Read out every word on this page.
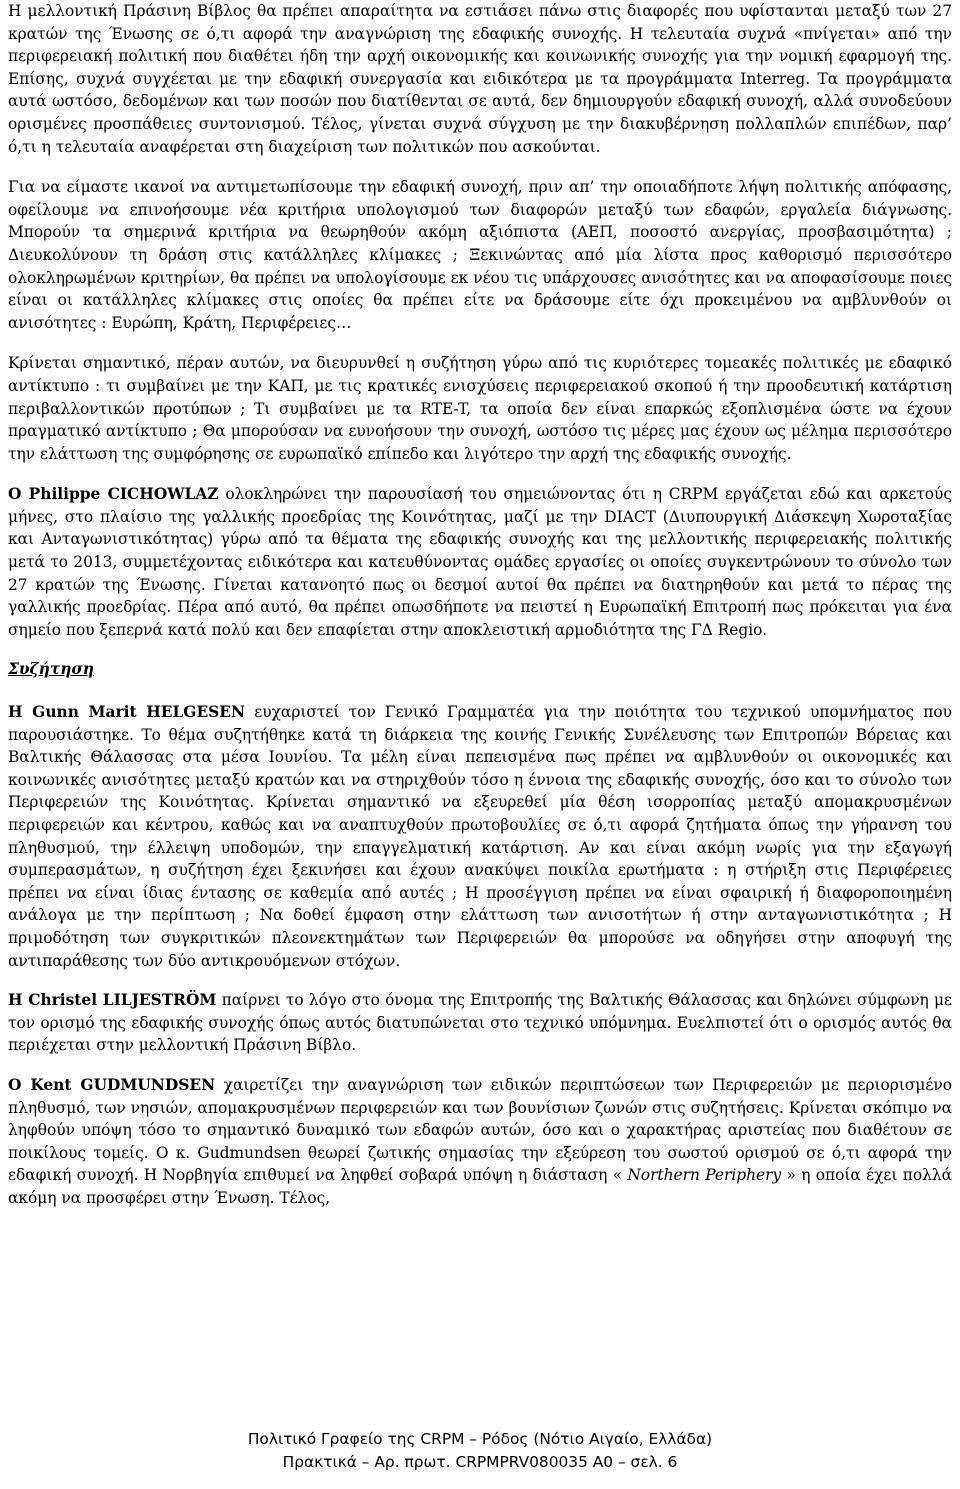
Η μελλοντική Πράσινη Βίβλος θα πρέπει απαραίτητα να εστιάσει πάνω στις διαφορές που υφίστανται μεταξύ των 27 κρατών της Ένωσης σε ό,τι αφορά την αναγνώριση της εδαφικής συνοχής. Η τελευταία συχνά «πνίγεται» από την περιφερειακή πολιτική που διαθέτει ήδη την αρχή οικονομικής και κοινωνικής συνοχής για την νομική εφαρμογή της. Επίσης, συχνά συγχέεται με την εδαφική συνεργασία και ειδικότερα με τα προγράμματα Interreg. Τα προγράμματα αυτά ωστόσο, δεδομένων και των ποσών που διατίθενται σε αυτά, δεν δημιουργούν εδαφική συνοχή, αλλά συνοδεύουν ορισμένες προσπάθειες συντονισμού. Τέλος, γίνεται συχνά σύγχυση με την διακυβέρνηση πολλαπλών επιπέδων, παρ’ ό,τι η τελευταία αναφέρεται στη διαχείριση των πολιτικών που ασκούνται.

Για να είμαστε ικανοί να αντιμετωπίσουμε την εδαφική συνοχή, πριν απ’ την οποιαδήποτε λήψη πολιτικής απόφασης, οφείλουμε να επινοήσουμε νέα κριτήρια υπολογισμού των διαφορών μεταξύ των εδαφών, εργαλεία διάγνωσης. Μπορούν τα σημερινά κριτήρια να θεωρηθούν ακόμη αξιόπιστα (ΑΕΠ, ποσοστό ανεργίας, προσβασιμότητα) ; Διευκολύνουν τη δράση στις κατάλληλες κλίμακες ; Ξεκινώντας από μία λίστα προς καθορισμό περισσότερο ολοκληρωμένων κριτηρίων, θα πρέπει να υπολογίσουμε εκ νέου τις υπάρχουσες ανισότητες και να αποφασίσουμε ποιες είναι οι κατάλληλες κλίμακες στις οποίες θα πρέπει είτε να δράσουμε είτε όχι προκειμένου να αμβλυνθούν οι ανισότητες : Ευρώπη, Κράτη, Περιφέρειες…

Κρίνεται σημαντικό, πέραν αυτών, να διευρυνθεί η συζήτηση γύρω από τις κυριότερες τομεακές πολιτικές με εδαφικό αντίκτυπο : τι συμβαίνει με την ΚΑΠ, με τις κρατικές ενισχύσεις περιφερειακού σκοπού ή την προοδευτική κατάρτιση περιβαλλοντικών προτύπων ; Τι συμβαίνει με τα RTE-T, τα οποία δεν είναι επαρκώς εξοπλισμένα ώστε να έχουν πραγματικό αντίκτυπο ; Θα μπορούσαν να ευνοήσουν την συνοχή, ωστόσο τις μέρες μας έχουν ως μέλημα περισσότερο την ελάττωση της συμφόρησης σε ευρωπαϊκό επίπεδο και λιγότερο την αρχή της εδαφικής συνοχής.

Ο Philippe CICHOWLAZ ολοκληρώνει την παρουσίασή του σημειώνοντας ότι η CRPM εργάζεται εδώ και αρκετούς μήνες, στο πλαίσιο της γαλλικής προεδρίας της Κοινότητας, μαζί με την DIACT (Διυπουργική Διάσκεψη Χωροταξίας και Ανταγωνιστικότητας) γύρω από τα θέματα της εδαφικής συνοχής και της μελλοντικής περιφερειακής πολιτικής μετά το 2013, συμμετέχοντας ειδικότερα και κατευθύνοντας ομάδες εργασίες οι οποίες συγκεντρώνουν το σύνολο των 27 κρατών της Ένωσης. Γίνεται κατανοητό πως οι δεσμοί αυτοί θα πρέπει να διατηρηθούν και μετά το πέρας της γαλλικής προεδρίας. Πέρα από αυτό, θα πρέπει οπωσδήποτε να πειστεί η Ευρωπαϊκή Επιτροπή πως πρόκειται για ένα σημείο που ξεπερνά κατά πολύ και δεν επαφίεται στην αποκλειστική αρμοδιότητα της ΓΔ Regio.

Συζήτηση

Η Gunn Marit HELGESEN ευχαριστεί τον Γενικό Γραμματέα για την ποιότητα του τεχνικού υπομνήματος που παρουσιάστηκε. Το θέμα συζητήθηκε κατά τη διάρκεια της κοινής Γενικής Συνέλευσης των Επιτροπών Βόρειας και Βαλτικής Θάλασσας στα μέσα Ιουνίου. Τα μέλη είναι πεπεισμένα πως πρέπει να αμβλυνθούν οι οικονομικές και κοινωνικές ανισότητες μεταξύ κρατών και να στηριχθούν τόσο η έννοια της εδαφικής συνοχής, όσο και το σύνολο των Περιφερειών της Κοινότητας. Κρίνεται σημαντικό να εξευρεθεί μία θέση ισορροπίας μεταξύ απομακρυσμένων περιφερειών και κέντρου, καθώς και να αναπτυχθούν πρωτοβουλίες σε ό,τι αφορά ζητήματα όπως την γήρανση του πληθυσμού, την έλλειψη υποδομών, την επαγγελματική κατάρτιση. Αν και είναι ακόμη νωρίς για την εξαγωγή συμπερασμάτων, η συζήτηση έχει ξεκινήσει και έχουν ανακύψει ποικίλα ερωτήματα : η στήριξη στις Περιφέρειες πρέπει να είναι ίδιας έντασης σε καθεμία από αυτές ; Η προσέγγιση πρέπει να είναι σφαιρική ή διαφοροποιημένη ανάλογα με την περίπτωση ; Να δοθεί έμφαση στην ελάττωση των ανισοτήτων ή στην ανταγωνιστικότητα ; Η πριμοδότηση των συγκριτικών πλεονεκτημάτων των Περιφερειών θα μπορούσε να οδηγήσει στην αποφυγή της αντιπαράθεσης των δύο αντικρουόμενων στόχων.

Η Christel LILJESTRÖM παίρνει το λόγο στο όνομα της Επιτροπής της Βαλτικής Θάλασσας και δηλώνει σύμφωνη με τον ορισμό της εδαφικής συνοχής όπως αυτός διατυπώνεται στο τεχνικό υπόμνημα. Ευελπιστεί ότι ο ορισμός αυτός θα περιέχεται στην μελλοντική Πράσινη Βίβλο.

Ο Kent GUDMUNDSEN χαιρετίζει την αναγνώριση των ειδικών περιπτώσεων των Περιφερειών με περιορισμένο πληθυσμό, των νησιών, απομακρυσμένων περιφερειών και των βουνίσιων ζωνών στις συζητήσεις. Κρίνεται σκόπιμο να ληφθούν υπόψη τόσο το σημαντικό δυναμικό των εδαφών αυτών, όσο και ο χαρακτήρας αριστείας που διαθέτουν σε ποικίλους τομείς. Ο κ. Gudmundsen θεωρεί ζωτικής σημασίας την εξεύρεση του σωστού ορισμού σε ό,τι αφορά την εδαφική συνοχή. Η Νορβηγία επιθυμεί να ληφθεί σοβαρά υπόψη η διάσταση « Northern Periphery » η οποία έχει πολλά ακόμη να προσφέρει στην Ένωση. Τέλος,

Πολιτικό Γραφείο της CRPM – Ρόδος (Νότιο Αιγαίο, Ελλάδα)
Πρακτικά – Αρ. πρωτ. CRPMPRV080035 A0 – σελ. 6
